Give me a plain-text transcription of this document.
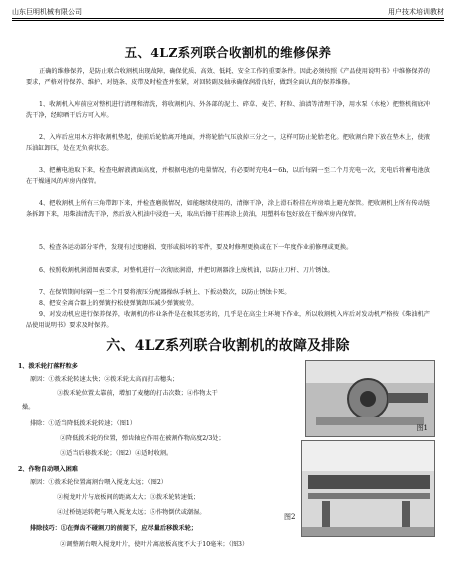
山东巨明机械有限公司	用户技术培训教材
五、4LZ系列联合收割机的维修保养
正确的维修保养，是防止联合收割机出现故障，确保优质、高效、低耗、安全工作的重要条件。因此必须按照《产品使用说明书》中维修保养的要求，严格对待保养、维护、对链条、皮带及时检查并张紧，对回转副及轴承确保润滑良好，做到全面认真的保养维修。
1、收割机入库前应对整机进行清理和清洗，将收割机内、外各部的泥土、碎草、麦芒、籽粒、油渍等清理干净，用水泵（水枪）把整机彻底冲洗干净，经晾晒干后方可入库。
2、入库后应用木方将收割机垫起，使前后轮胎离开地面，并将轮胎气压放掉三分之一，这样可防止轮胎老化。把收割台降下放在垫木上，使液压油缸卸压，处在无负荷状态。
3、把蓄电池取下来，检查电解液液面高度，并根据电池的电量情况，有必要时充电4～6h，以后每隔一至二个月充电一次，充电后将蓄电池放在干燥通风的库房内保管。
4、把收割机上所有三角带卸下来，并检查磨损情况，如能继续使用的，清擦干净，涂上滑石粉挂在库房墙上避光保管。把收割机上所有传动链条拆卸下来，用柴油清洗干净，然后放入机油中浸泡一天，取出后擦干挂再涂上黄油，用塑料布包好放在干燥库房内保管。
5、检查各运动部分零件，发现有过度磨损、变形或损坏的零件，要及时修理更换或在下一年度作业前修理或更换。
6、按照收割机润滑图表要求，对整机进行一次彻底润滑，并把切割器涂上废机油，以防止刀杆、刀片锈蚀。
7、在保管期间每隔一至二个月要将液压分配器操纵手柄上、下扳动数次，以防止锈蚀卡死。
8、把安全离合器上的弹簧拧松使弹簧卸压减少弹簧疲劳。
9、对发动机应进行保养保养，收割机的作业条件是在极其恶劣的，几乎是在高尘土环境下作业，所以收割机入库后对发动机严格按《柴油机产品使用说明书》要求及时保养。
六、4LZ系列联合收割机的故障及排除
1、拨禾轮打落籽粒多
原因：①拨禾轮转速太快；②拨禾轮太高而打击穗头；
③拨禾轮位置太靠前，增加了麦穗的打击次数；④作物太干
燥。
排除：①适当降低拨禾轮转速；（图1）
②降低拨禾轮的位置，弹齿轴应作用在被割作物高度2/3处；
③适当后移拨禾轮；（图2）④适时收割。
2、作物自动喂入困难
原因：①拨禾轮位置离割台喂入搅龙太远；（图2）
②搅龙叶片与底板间的距离太大；③拨禾轮转速低；
④过桥链运转靶与喂入搅龙太远；⑤作物倒伏或潮湿。
排除技巧：①在弹齿不碰割刀的前提下，应尽量后移拨禾轮；
②调整割台喂入搅龙叶片，使叶片离底板高度不大于10毫米；（图3）
图1
图2
